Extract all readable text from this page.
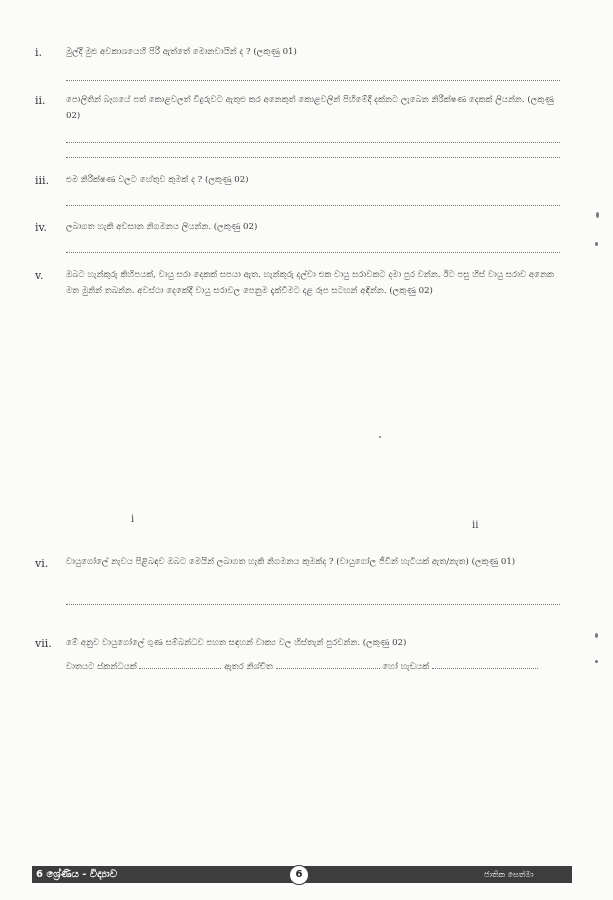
i.	මුල්දී මුළු අවකාශයෙහි පිරී ඇත්තේ මොනවායින් ද ? (ලකුණු 01)
ii. පොලිතින් බෑගයේ පත් කොළවලත් වීදුරුවට ඇතුළු කර අනෙකුත් කොළවලින් පිහිමේදී දක්නට ලැබෙන නිරීක්ෂණ දෙකක් ලියන්න. (ලකුණු 02)
iii. එම නිරීක්ෂණ වලට හේතුව කුමක් ද ? (ලකුණු 02)
iv. ලබාගත හැකි අවසාන නිගමනය ලියන්න. (ලකුණු 02)
v.	ඔබට හැන්කුරු කිහිපයක්, වායු සරා දෙකක් සපයා ඇත. හැන්කුරු දල්වා එක වායු සරාවකට දමා පුර වන්න. ඊට පසු හිස් වායු සරාව අනෙක මත මුනින් තබන්න. අවස්ථා දෙකේදී වායු සරාවල පෙනුම දැක්විමට දළ රූප සටහන් අඳින්න. (ලකුණු 02)
i
ii
vi. වායුගෝලේ නැවය පිළිබඳව ඔබට මෙයින් ලබාගත හැකි නිගමනය කුමක්ද ? (වායුගෝල ජීවීන් හැටියක් ඇත/නැත) (ලකුණු 01)
vii. මේ අනුව වායුගෝලේ ගුණ සම්බන්ධව පහත සඳහන් වාක්‍ය වල හිස්තැන් පුරවන්න. (ලකුණු 02)
වාතයට ස්කන්ධයක්	ඇතර නිශ්චිත	හෝ හැඩයක්
6 ශ්‍රේණිය - විද්‍යාව	6	ජාතික සෙත්මා
